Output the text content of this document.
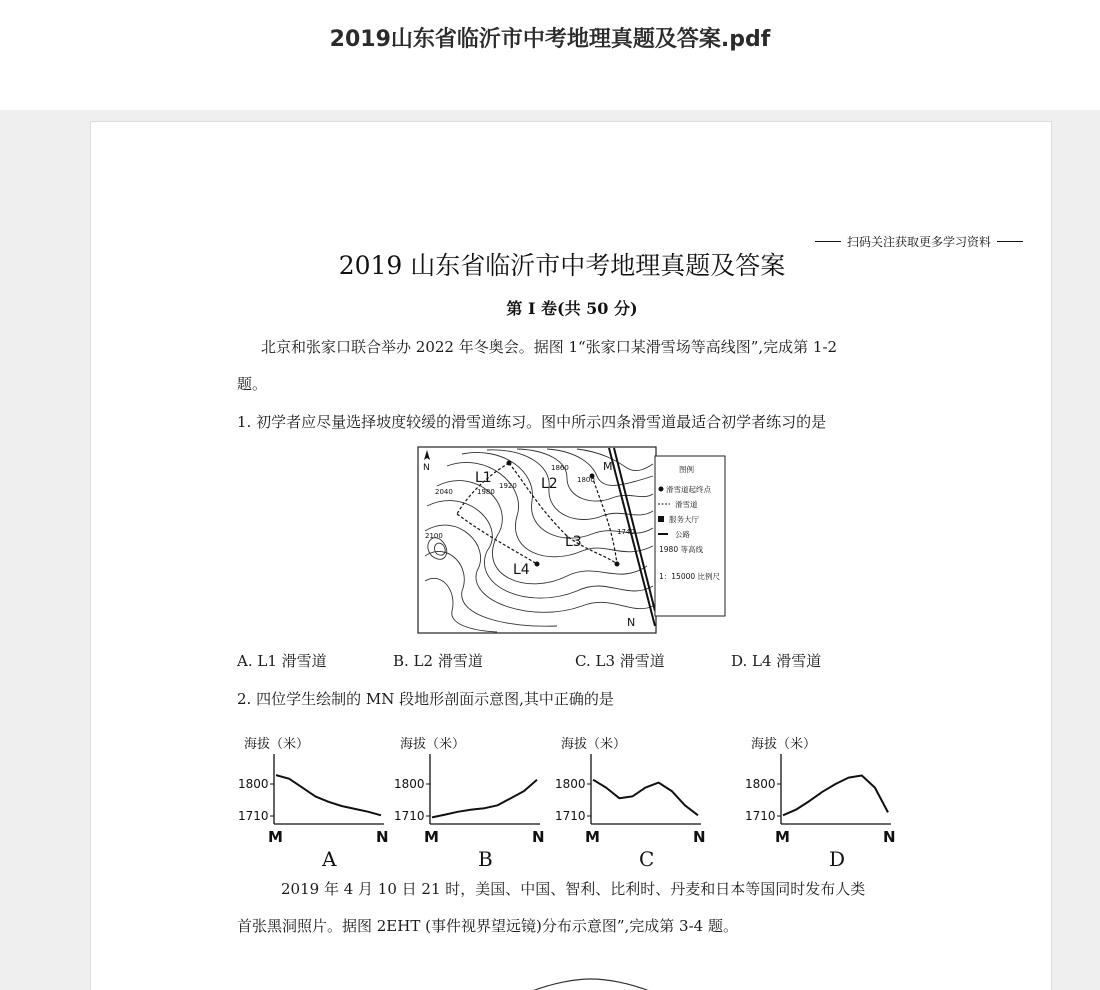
2019山东省临沂市中考地理真题及答案.pdf
扫码关注获取更多学习资料
2019 山东省临沂市中考地理真题及答案
第 I 卷(共 50 分)
北京和张家口联合举办 2022 年冬奥会。据图 1“张家口某滑雪场等高线图”,完成第 1-2
题。
1. 初学者应尽量选择坡度较缓的滑雪道练习。图中所示四条滑雪道最适合初学者练习的是
N
L1	L2
L3
L4
M
N
2040	1980
1920
1860
1800
2100	1740
图例
滑雪道起终点
滑雪道
服务大厅
公路
1980 等高线
1：15000 比例尺
A. L1 滑雪道	B. L2 滑雪道	C. L3 滑雪道	D. L4 滑雪道
2. 四位学生绘制的 MN 段地形剖面示意图,其中正确的是
海拔（米）
1800
1710
M	N
A
海拔（米）
1800
1710
M	N
B
海拔（米）
1800
1710
M	N
C
海拔（米）
1800
1710
M	N
D
2019 年 4 月 10 日 21 时，美国、中国、智利、比利时、丹麦和日本等国同时发布人类
首张黑洞照片。据图 2EHT (事件视界望远镜)分布示意图”,完成第 3-4 题。
